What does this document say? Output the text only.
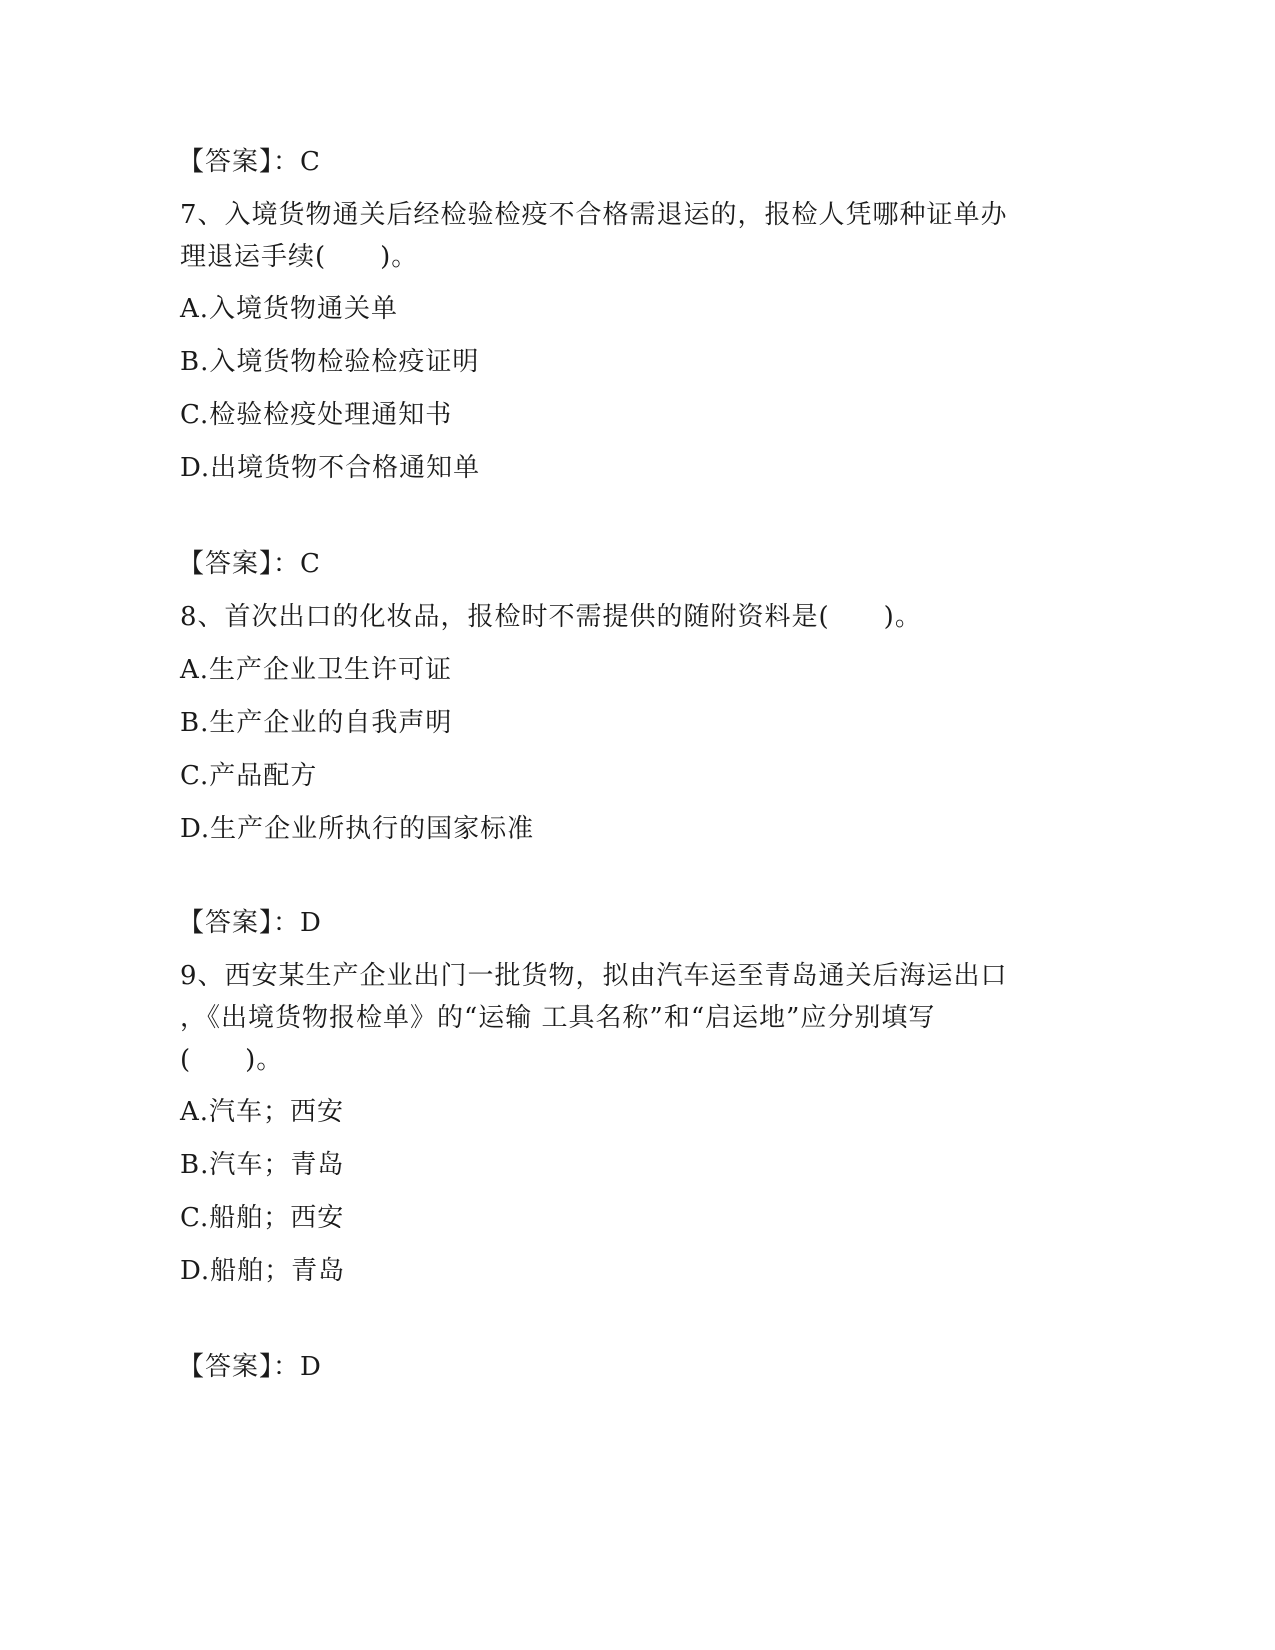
【答案】：C
7、入境货物通关后经检验检疫不合格需退运的，报检人凭哪种证单办
理退运手续(　　)。
A.入境货物通关单
B.入境货物检验检疫证明
C.检验检疫处理通知书
D.出境货物不合格通知单
【答案】：C
8、首次出口的化妆品，报检时不需提供的随附资料是(　　)。
A.生产企业卫生许可证
B.生产企业的自我声明
C.产品配方
D.生产企业所执行的国家标准
【答案】：D
9、西安某生产企业出门一批货物，拟由汽车运至青岛通关后海运出口
，《出境货物报检单》的“运输 工具名称”和“启运地”应分别填写
(　　)。
A.汽车；西安
B.汽车；青岛
C.船舶；西安
D.船舶；青岛
【答案】：D
